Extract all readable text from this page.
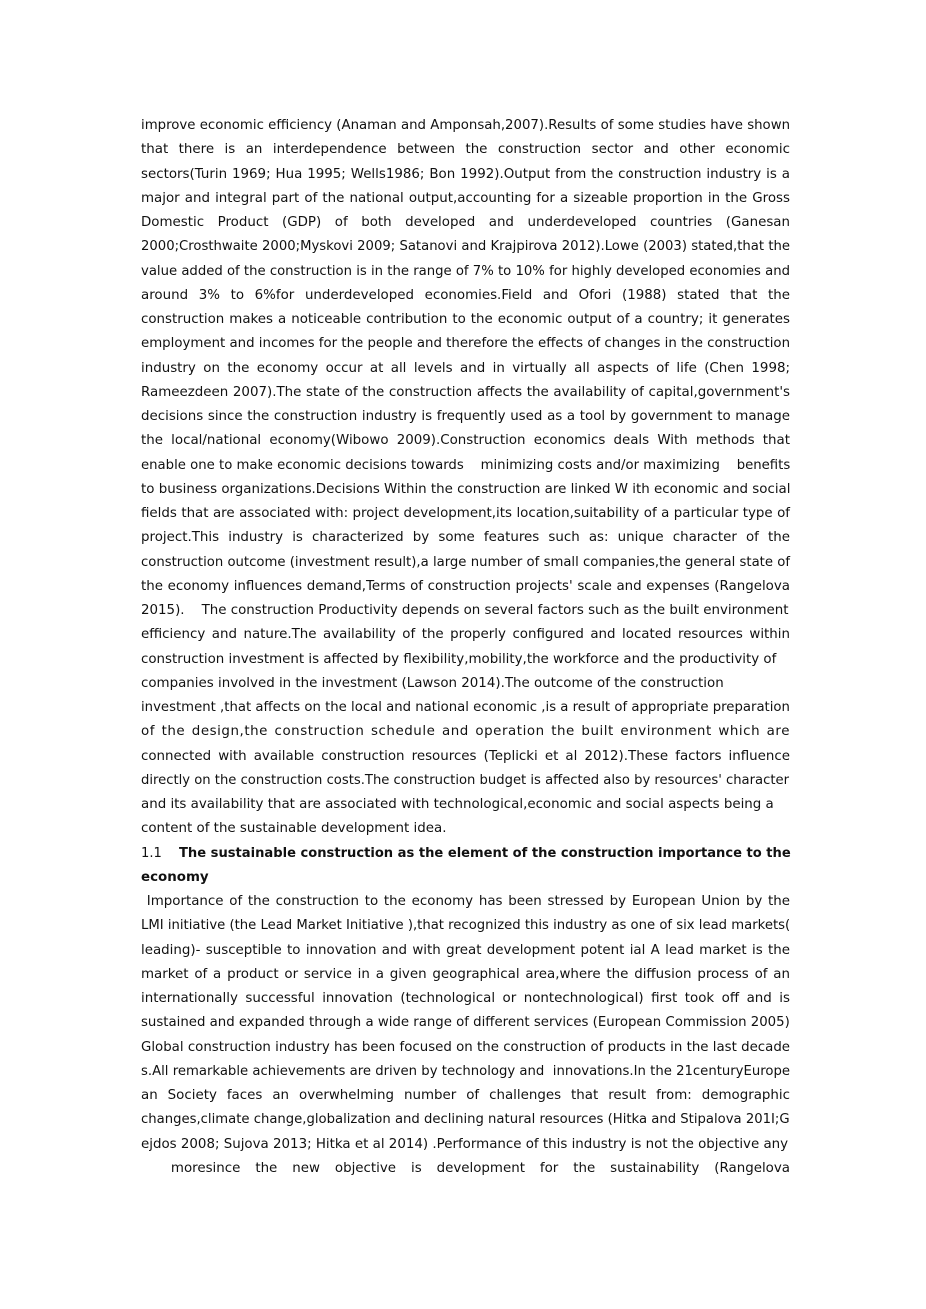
improve economic efficiency (Anaman and Amponsah,2007).Results of some studies have shown
that there is an interdependence between the construction sector and other economic
sectors(Turin 1969; Hua 1995; Wells1986; Bon 1992).Output from the construction industry is a
major and integral part of the national output,accounting for a sizeable proportion in the Gross
Domestic Product (GDP) of both developed and underdeveloped countries (Ganesan
2000;Crosthwaite 2000;Myskovi 2009; Satanovi and Krajpirova 2012).Lowe (2003) stated,that the
value added of the construction is in the range of 7% to 10% for highly developed economies and
around 3% to 6%for underdeveloped economies.Field and Ofori (1988) stated that the
construction makes a noticeable contribution to the economic output of a country; it generates
employment and incomes for the people and therefore the effects of changes in the construction
industry on the economy occur at all levels and in virtually all aspects of life (Chen 1998;
Rameezdeen 2007).The state of the construction affects the availability of capital,government's
decisions since the construction industry is frequently used as a tool by government to manage
the local/national economy(Wibowo 2009).Construction economics deals With methods that
enable one to make economic decisions towards    minimizing costs and/or maximizing    benefits
to business organizations.Decisions Within the construction are linked W ith economic and social
fields that are associated with: project development,its location,suitability of a particular type of
project.This industry is characterized by some features such as: unique character of the
construction outcome (investment result),a large number of small companies,the general state of
the economy influences demand,Terms of construction projects' scale and expenses (Rangelova
2015).    The construction Productivity depends on several factors such as the built environment
efficiency and nature.The availability of the properly configured and located resources within
construction investment is affected by flexibility,mobility,the workforce and the productivity of
companies involved in the investment (Lawson 2014).The outcome of the construction
investment ,that affects on the local and national economic ,is a result of appropriate preparation
of the design,the construction schedule and operation the built environment which are
connected with available construction resources (Teplicki et al 2012).These factors influence
directly on the construction costs.The construction budget is affected also by resources' character
and its availability that are associated with technological,economic and social aspects being a
content of the sustainable development idea.
1.1 The sustainable construction as the element of the construction importance to the
economy
Importance of the construction to the economy has been stressed by European Union by the
LMI initiative (the Lead Market Initiative ),that recognized this industry as one of six lead markets(
leading)- susceptible to innovation and with great development potent ial A lead market is the
market of a product or service in a given geographical area,where the diffusion process of an
internationally successful innovation (technological or nontechnological) first took off and is
sustained and expanded through a wide range of different services (European Commission 2005)
Global construction industry has been focused on the construction of products in the last decade
s.All remarkable achievements are driven by technology and  innovations.In the 21centuryEurope
an Society faces an overwhelming number of challenges that result from: demographic
changes,climate change,globalization and declining natural resources (Hitka and Stipalova 201I;G
ejdos 2008; Sujova 2013; Hitka et al 2014) .Performance of this industry is not the objective any
moresince the new objective is development for the sustainability (Rangelova
